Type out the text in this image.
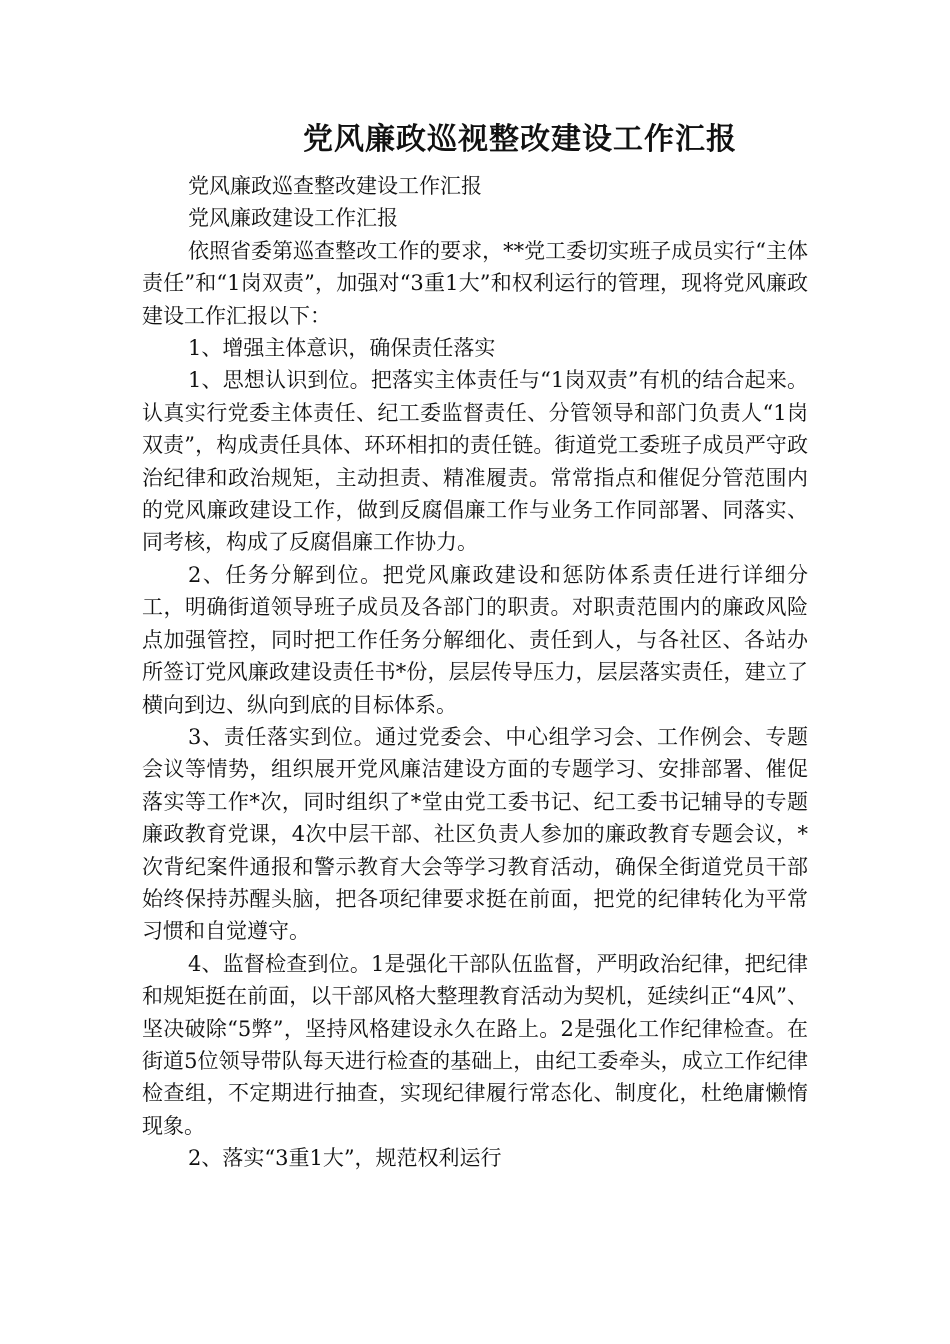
党风廉政巡视整改建设工作汇报

党风廉政巡查整改建设工作汇报

党风廉政建设工作汇报

依照省委第巡查整改工作的要求，**党工委切实班子成员实行“主体责任”和“1岗双责”，加强对“3重1大”和权利运行的管理，现将党风廉政建设工作汇报以下：

1、增强主体意识，确保责任落实

1、思想认识到位。把落实主体责任与“1岗双责”有机的结合起来。认真实行党委主体责任、纪工委监督责任、分管领导和部门负责人“1岗双责”，构成责任具体、环环相扣的责任链。街道党工委班子成员严守政治纪律和政治规矩，主动担责、精准履责。常常指点和催促分管范围内的党风廉政建设工作，做到反腐倡廉工作与业务工作同部署、同落实、同考核，构成了反腐倡廉工作协力。

2、任务分解到位。把党风廉政建设和惩防体系责任进行详细分工，明确街道领导班子成员及各部门的职责。对职责范围内的廉政风险点加强管控，同时把工作任务分解细化、责任到人，与各社区、各站办所签订党风廉政建设责任书*份，层层传导压力，层层落实责任，建立了横向到边、纵向到底的目标体系。

3、责任落实到位。通过党委会、中心组学习会、工作例会、专题会议等情势，组织展开党风廉洁建设方面的专题学习、安排部署、催促落实等工作*次，同时组织了*堂由党工委书记、纪工委书记辅导的专题廉政教育党课，4次中层干部、社区负责人参加的廉政教育专题会议，*次背纪案件通报和警示教育大会等学习教育活动，确保全街道党员干部始终保持苏醒头脑，把各项纪律要求挺在前面，把党的纪律转化为平常习惯和自觉遵守。

4、监督检查到位。1是强化干部队伍监督，严明政治纪律，把纪律和规矩挺在前面，以干部风格大整理教育活动为契机，延续纠正“4风”、坚决破除“5弊”，坚持风格建设永久在路上。2是强化工作纪律检查。在街道5位领导带队每天进行检查的基础上，由纪工委牵头，成立工作纪律检查组，不定期进行抽查，实现纪律履行常态化、制度化，杜绝庸懒惰现象。

2、落实“3重1大”，规范权利运行
